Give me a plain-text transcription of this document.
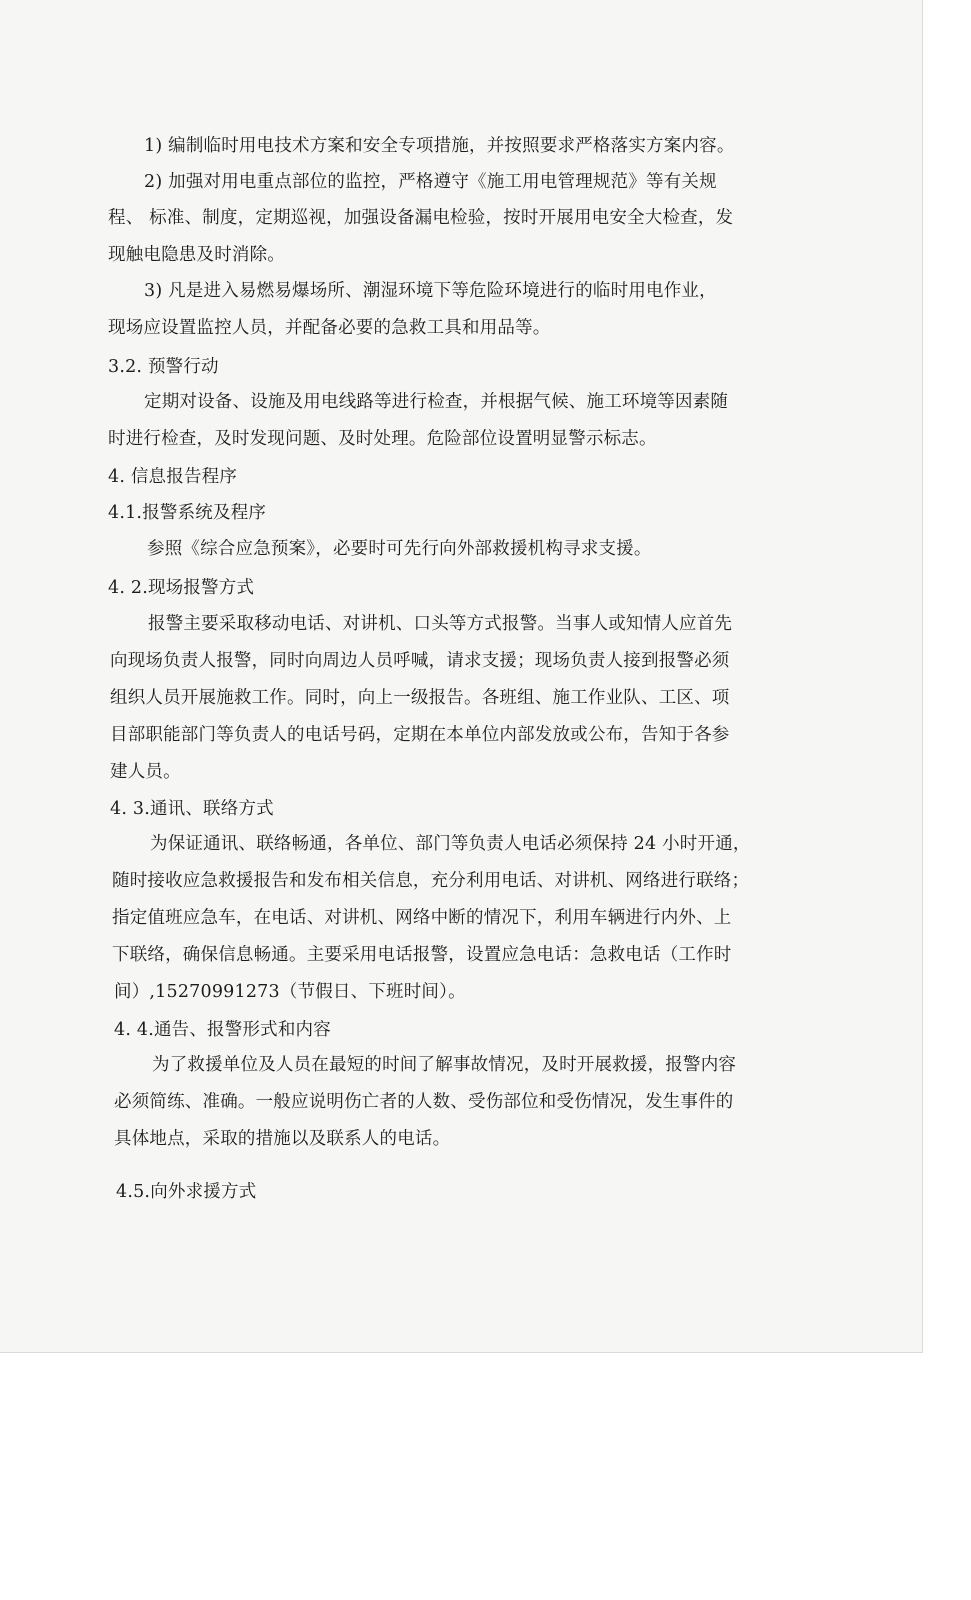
1) 编制临时用电技术方案和安全专项措施，并按照要求严格落实方案内容。

2) 加强对用电重点部位的监控，严格遵守《施工用电管理规范》等有关规

程、 标准、制度，定期巡视，加强设备漏电检验，按时开展用电安全大检查，发

现触电隐患及时消除。

3) 凡是进入易燃易爆场所、潮湿环境下等危险环境进行的临时用电作业，

现场应设置监控人员，并配备必要的急救工具和用品等。

3.2. 预警行动

定期对设备、设施及用电线路等进行检查，并根据气候、施工环境等因素随

时进行检查，及时发现问题、及时处理。危险部位设置明显警示标志。

4. 信息报告程序

4.1.报警系统及程序

参照《综合应急预案》，必要时可先行向外部救援机构寻求支援。

4. 2.现场报警方式

报警主要采取移动电话、对讲机、口头等方式报警。当事人或知情人应首先

向现场负责人报警，同时向周边人员呼喊，请求支援；现场负责人接到报警必须

组织人员开展施救工作。同时，向上一级报告。各班组、施工作业队、工区、项

目部职能部门等负责人的电话号码，定期在本单位内部发放或公布，告知于各参

建人员。

4. 3.通讯、联络方式

为保证通讯、联络畅通，各单位、部门等负责人电话必须保持 24 小时开通，

随时接收应急救援报告和发布相关信息，充分利用电话、对讲机、网络进行联络；

指定值班应急车，在电话、对讲机、网络中断的情况下，利用车辆进行内外、上

下联络，确保信息畅通。主要采用电话报警，设置应急电话：急救电话（工作时

间）,15270991273（节假日、下班时间）。

4. 4.通告、报警形式和内容

为了救援单位及人员在最短的时间了解事故情况，及时开展救援，报警内容

必须简练、准确。一般应说明伤亡者的人数、受伤部位和受伤情况，发生事件的

具体地点，采取的措施以及联系人的电话。

4.5.向外求援方式
